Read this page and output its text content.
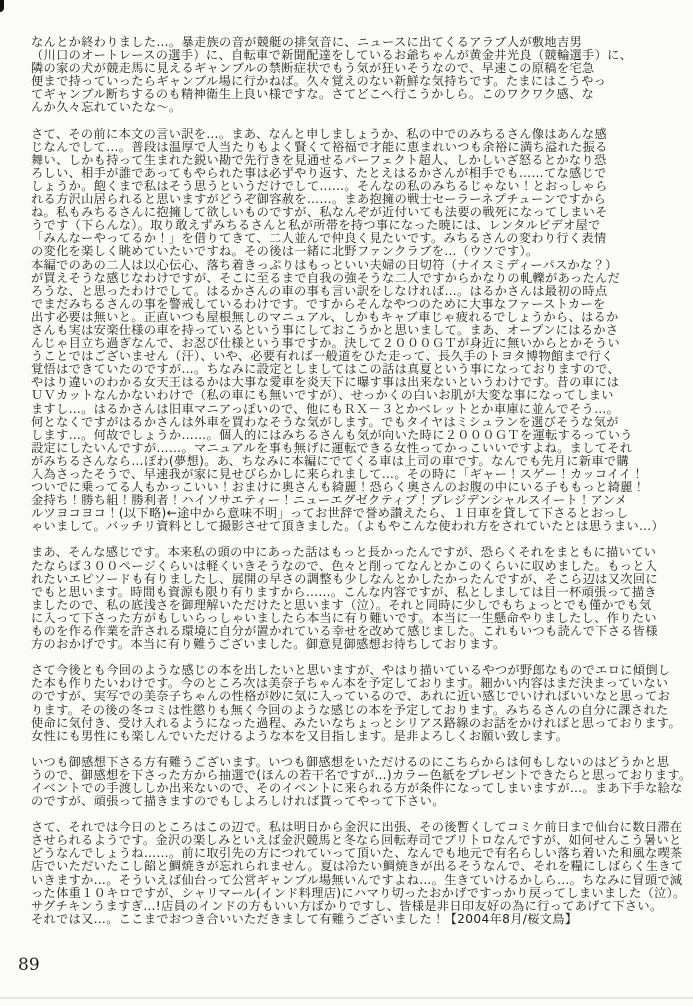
なんとか終わりました…。暴走族の音が競艇の排気音に、ニュースに出てくるアラブ人が敷地吉男
（川口のオートレースの選手）に、自転車で新聞配達をしているお爺ちゃんが黄金井光良（競輪選手）に、
隣の家の犬が競走馬に見えるギャンブルの禁断症状でもう気が狂いそうなので、早速この原稿を宅急
便まで持っていったらギャンブル場に行かねば。久々覚えのない新鮮な気持ちです。たまにはこうやっ
てギャンブル断ちするのも精神衛生上良い様ですな。さてどこへ行こうかしら。このワクワク感、な
んか久々忘れていたな～。
さて、その前に本文の言い訳を…。まあ、なんと申しましょうか、私の中でのみちるさん像はあんな感
じなんでして…。普段は温厚で人当たりもよく賢くて裕福で才能に恵まれいつも余裕に満ち溢れた振る
舞い、しかも持って生まれた鋭い勘で先行きを見通せるパーフェクト超人、しかしいざ怒るとかなり恐
ろしい、相手が誰であってもやられた事は必ずやり返す、たとえはるかさんが相手でも……てな感じで
しょうか。飽くまで私はそう思うというだけでして……。そんなの私のみちるじゃない！とおっしゃら
れる方沢山居られると思いますがどうぞ御容赦を……。まあ抱擁の戦士セーラーネプチューンですから
ね。私もみちるさんに抱擁して欲しいものですが、私なんぞが近付いても法要の戦死になってしまいそ
うです（下らんな）。取り敢えずみちるさんと私が所帯を持つ事になった暁には、レンタルビデオ屋で
「みんなーやってるか！」を借りてきて、二人並んで仲良く見たいです。みちるさんの変わり行く表情
の変化を楽しく眺めていたいですね。その後は一緒に北野ファンクラブを…（ウソです）。
本編でのあの二人は以心伝心、落ち着きっぷりはもっといい夫婦の日切符（ナイスミディーパスかな？）
が買えそうな感じなわけですが、そこに至るまで自我の強そうな二人ですからかなりの軋轢があったんだ
ろうな、と思ったわけでして。はるかさんの車の事も言い訳をしなければ…。はるかさんは最初の時点
でまだみちるさんの事を警戒しているわけです。ですからそんなやつのために大事なファーストカーを
出す必要は無いと。正直いつも屋根無しのマニュアル、しかもキャブ車じゃ疲れるでしょうから、はるか
さんも実は安楽仕様の車を持っているという事にしておこうかと思いまして。まあ、オープンにはるかさ
んじゃ目立ち過ぎなんで、お忍び仕様という事ですか。決して２０００ＧＴが身近に無いからとかそうい
うことではございません（汗）、いや、必要有れば一般道をひた走って、長久手のトヨタ博物館まで行く
覚悟はできていたのですが…。ちなみに設定としましてはこの話は真夏という事になっておりますので、
やはり違いのわかる女天王はるかは大事な愛車を炎天下に曝す事は出来ないというわけです。昔の車には
ＵＶカットなんかないわけで（私の車にも無いですが）、せっかくの白いお肌が大変な事になってしまい
ますし…。はるかさんは旧車マニアっぽいので、他にもＲＸ－３とかベレットとか車庫に並んでそう…。
何となくですがはるかさんは外車を買わなそうな気がします。でもタイヤはミシュランを選びそうな気が
します…。何故でしょうか……。個人的にはみちるさんも気が向いた時に２０００ＧＴを運転するっていう
設定にしたいんですが……。マニュアルを事も無げに運転できる女性ってかっこいいですよね。ましてそれ
がみちるさんなら…ぽわ(夢想)。あ、ちなみに本編にでてくる車は上司の車です。なんでも先月に新車で購
入為さったそうで、早速我が家に見せびらかしに来られまして…。その時に「ギャー！スゲー！カッコイイ！
ついでに乗ってる人もかっこいい！おまけに奥さんも綺麗！恐らく奥さんのお腹の中にいる子ももっと綺麗！
金持ち！勝ち組！勝利者！ハイソサエティー！ニューエグゼクティブ！プレジデンシャルスイート！アンメ
ルツヨコヨコ！(以下略)←途中から意味不明」ってお世辞で誉め讃えたら、１日車を貸して下さるとおっし
ゃいまして。バッチリ資料として撮影させて頂きました。（よもやこんな使われ方をされていたとは思うまい…）
まあ、そんな感じです。本来私の頭の中にあった話はもっと長かったんですが、恐らくそれをまともに描いてい
たならば３００ページくらいは軽くいきそうなので、色々と削ってなんとかこのくらいに収めました。もっと入
れたいエピソードも有りましたし、展開の早さの調整も少しなんとかしたかったんですが、そこら辺は又次回に
でもと思います。時間も資源も限り有りますから……。こんな内容ですが、私としましては目一杯頑張って描き
ましたので、私の底浅さを御理解いただけたと思います（泣）。それと同時に少しでもちょっとでも僅かでも気
に入って下さった方がもしいらっしゃいましたら本当に有り難いです。本当に一生懸命やりましたし、作りたい
ものを作る作業を許される環境に自分が置かれている幸せを改めて感じました。これもいつも読んで下さる皆様
方のおかげです。本当に有り難うございました。御意見御感想お待ちしております。
さて今後とも今回のような感じの本を出したいと思いますが、やはり描いているやつが野郎なものでエロに傾倒し
た本も作りたいわけです。今のところ次は美奈子ちゃん本を予定しております。細かい内容はまだ決まっていない
のですが、実写での美奈子ちゃんの性格が妙に気に入っているので、あれに近い感じでいければいいなと思ってお
ります。その後の冬コミは性懲りも無く今回のような感じの本を予定しております。みちるさんの自分に課された
使命に気付き、受け入れるようになった過程、みたいなちょっとシリアス路線のお話をかければと思っております。
女性にも男性にも楽しんでいただけるような本を又目指します。是非よろしくお願い致します。
いつも御感想下さる方有難うございます。いつも御感想をいただけるのにこちらからは何もしないのはどうかと思
うので、御感想を下さった方から抽選で(ほんの若干名ですが…)カラー色紙をプレゼントできたらと思っております。
イベントでの手渡ししか出来ないので、そのイベントに来られる方が条件になってしまいますが…。まあ下手な絵な
のですが、頑張って描きますのでもしよろしければ貰ってやって下さい。
さて、それでは今日のところはこの辺で。私は明日から金沢に出張、その後暫くしてコミケ前日まで仙台に数日滞在
させられるようです。金沢の楽しみといえば金沢競馬と冬なら回転寿司でブリトロなんですが、如何せんこう暑いと
どうなんでしょうね……。前に取引先の方につれていって頂いた、なんでも地元で有名らしい落ち着いた和風な喫茶
店でいただいたこし餡と鯛焼きが忘れられません。夏は冷たい鯛焼きが出るそうなんで、それを糧にしばらく生きて
いきますか…。そういえば仙台って公営ギャンブル場無いんですよね…。生きていけるかしら…。ちなみに冒頭で減
った体重１０キロですが、シャリマール(インド料理店)にハマり切ったおかげですっかり戻ってしまいました（泣）。
サグチキンうますぎ…!店員のインドの方もいい方ばかりですし、皆様是非日印友好の為に行ってあげて下さい。
それでは又…。ここまでおつき合いいただきまして有難うございました！【2004年8月/桜文鳥】
89
